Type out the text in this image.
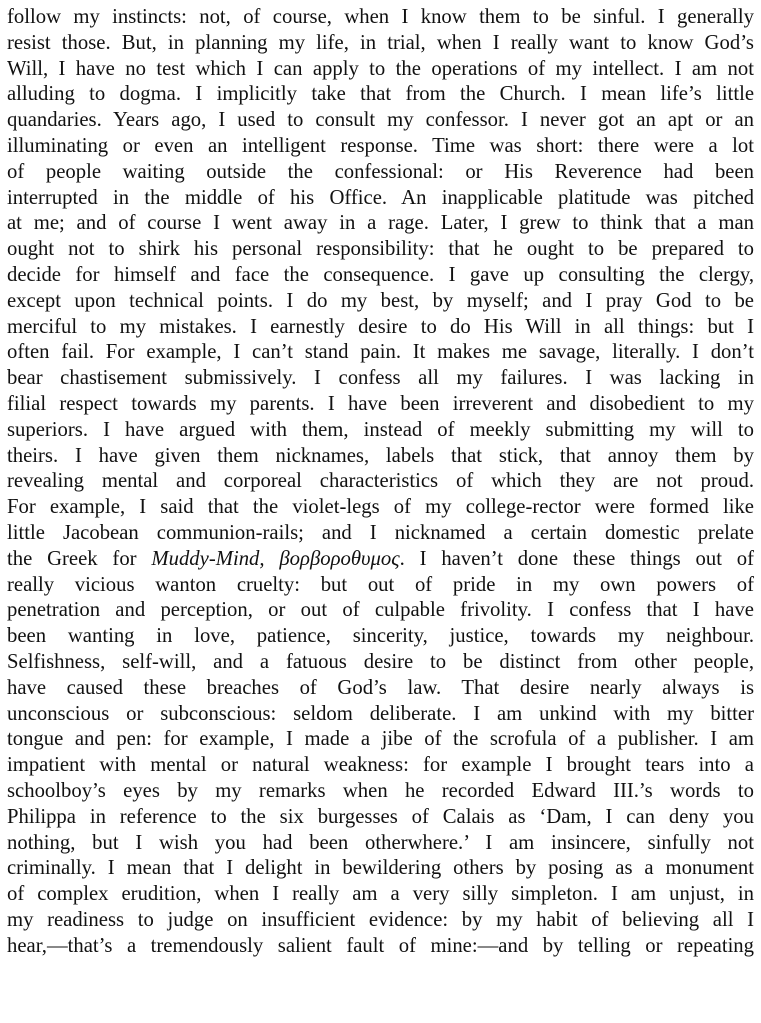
follow my instincts: not, of course, when I know them to be sinful. I generally
resist those. But, in planning my life, in trial, when I really want to know God’s
Will, I have no test which I can apply to the operations of my intellect. I am not
alluding to dogma. I implicitly take that from the Church. I mean life’s little
quandaries. Years ago, I used to consult my confessor. I never got an apt or an
illuminating or even an intelligent response. Time was short: there were a lot
of people waiting outside the confessional: or His Reverence had been
interrupted in the middle of his Office. An inapplicable platitude was pitched
at me; and of course I went away in a rage. Later, I grew to think that a man
ought not to shirk his personal responsibility: that he ought to be prepared to
decide for himself and face the consequence. I gave up consulting the clergy,
except upon technical points. I do my best, by myself; and I pray God to be
merciful to my mistakes. I earnestly desire to do His Will in all things: but I
often fail. For example, I can’t stand pain. It makes me savage, literally. I don’t
bear chastisement submissively. I confess all my failures. I was lacking in
filial respect towards my parents. I have been irreverent and disobedient to my
superiors. I have argued with them, instead of meekly submitting my will to
theirs. I have given them nicknames, labels that stick, that annoy them by
revealing mental and corporeal characteristics of which they are not proud.
For example, I said that the violet-legs of my college-rector were formed like
little Jacobean communion-rails; and I nicknamed a certain domestic prelate
the Greek for Muddy-Mind, βορβοροθυμος. I haven’t done these things out of
really vicious wanton cruelty: but out of pride in my own powers of
penetration and perception, or out of culpable frivolity. I confess that I have
been wanting in love, patience, sincerity, justice, towards my neighbour.
Selfishness, self-will, and a fatuous desire to be distinct from other people,
have caused these breaches of God’s law. That desire nearly always is
unconscious or subconscious: seldom deliberate. I am unkind with my bitter
tongue and pen: for example, I made a jibe of the scrofula of a publisher. I am
impatient with mental or natural weakness: for example I brought tears into a
schoolboy’s eyes by my remarks when he recorded Edward III.’s words to
Philippa in reference to the six burgesses of Calais as ‘Dam, I can deny you
nothing, but I wish you had been otherwhere.’ I am insincere, sinfully not
criminally. I mean that I delight in bewildering others by posing as a monument
of complex erudition, when I really am a very silly simpleton. I am unjust, in
my readiness to judge on insufficient evidence: by my habit of believing all I
hear,—that’s a tremendously salient fault of mine:—and by telling or repeating
